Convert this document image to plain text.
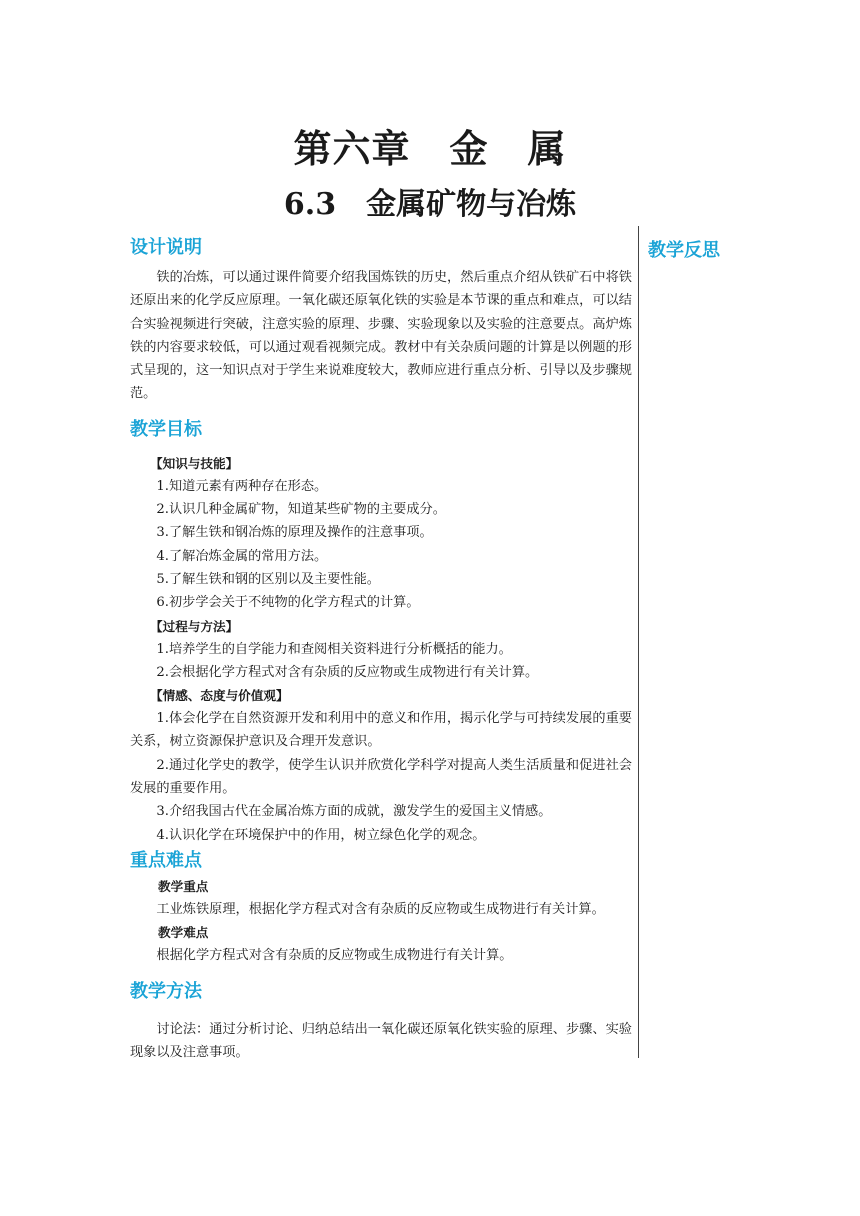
第六章　金　属
6.3　金属矿物与冶炼
教学反思

设计说明

铁的冶炼，可以通过课件简要介绍我国炼铁的历史，然后重点介绍从铁矿石中将铁还原出来的化学反应原理。一氧化碳还原氧化铁的实验是本节课的重点和难点，可以结合实验视频进行突破，注意实验的原理、步骤、实验现象以及实验的注意要点。高炉炼铁的内容要求较低，可以通过观看视频完成。教材中有关杂质问题的计算是以例题的形式呈现的，这一知识点对于学生来说难度较大，教师应进行重点分析、引导以及步骤规范。

教学目标

【知识与技能】

1.知道元素有两种存在形态。

2.认识几种金属矿物，知道某些矿物的主要成分。

3.了解生铁和钢冶炼的原理及操作的注意事项。

4.了解冶炼金属的常用方法。

5.了解生铁和钢的区别以及主要性能。

6.初步学会关于不纯物的化学方程式的计算。

【过程与方法】

1.培养学生的自学能力和查阅相关资料进行分析概括的能力。

2.会根据化学方程式对含有杂质的反应物或生成物进行有关计算。

【情感、态度与价值观】

1.体会化学在自然资源开发和利用中的意义和作用，揭示化学与可持续发展的重要关系，树立资源保护意识及合理开发意识。

2.通过化学史的教学，使学生认识并欣赏化学科学对提高人类生活质量和促进社会发展的重要作用。

3.介绍我国古代在金属冶炼方面的成就，激发学生的爱国主义情感。

4.认识化学在环境保护中的作用，树立绿色化学的观念。

重点难点

教学重点

工业炼铁原理，根据化学方程式对含有杂质的反应物或生成物进行有关计算。

教学难点

根据化学方程式对含有杂质的反应物或生成物进行有关计算。

教学方法

讨论法：通过分析讨论、归纳总结出一氧化碳还原氧化铁实验的原理、步骤、实验现象以及注意事项。
